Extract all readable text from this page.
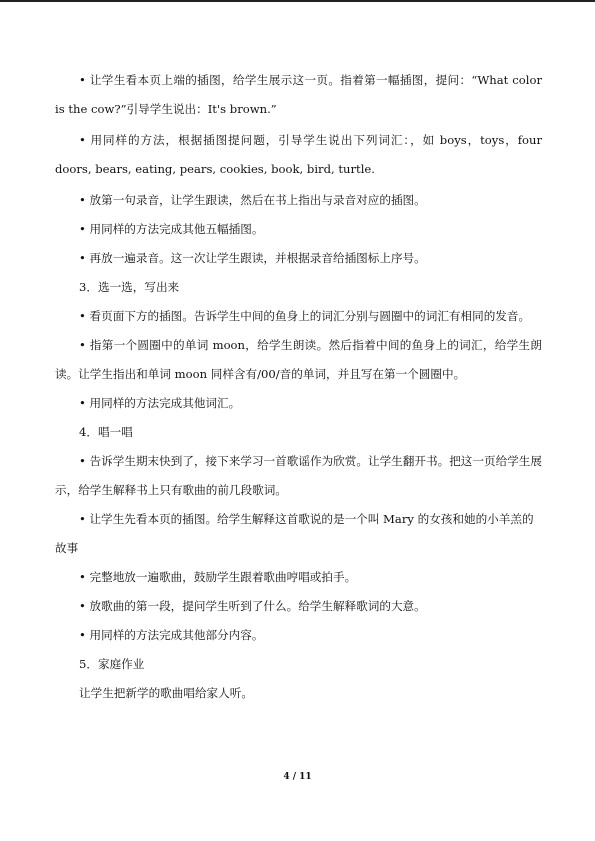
• 让学生看本页上端的插图，给学生展示这一页。指着第一幅插图，提问：“What color is the cow?”引导学生说出：It's brown.”

• 用同样的方法，根据插图提问题，引导学生说出下列词汇：，如 boys，toys，four doors, bears, eating, pears, cookies, book, bird, turtle.

• 放第一句录音，让学生跟读，然后在书上指出与录音对应的插图。

• 用同样的方法完成其他五幅插图。

• 再放一遍录音。这一次让学生跟读，并根据录音给插图标上序号。

3．选一选，写出来

• 看页面下方的插图。告诉学生中间的鱼身上的词汇分别与圆圈中的词汇有相同的发音。

• 指第一个圆圈中的单词 moon，给学生朗读。然后指着中间的鱼身上的词汇，给学生朗读。让学生指出和单词 moon 同样含有/00/音的单词，并且写在第一个圆圈中。

• 用同样的方法完成其他词汇。

4．唱一唱

• 告诉学生期末快到了，接下来学习一首歌谣作为欣赏。让学生翻开书。把这一页给学生展示，给学生解释书上只有歌曲的前几段歌词。

• 让学生先看本页的插图。给学生解释这首歌说的是一个叫 Mary 的女孩和她的小羊羔的故事

• 完整地放一遍歌曲，鼓励学生跟着歌曲哼唱或拍手。

• 放歌曲的第一段，提问学生听到了什么。给学生解释歌词的大意。

• 用同样的方法完成其他部分内容。

5．家庭作业

让学生把新学的歌曲唱给家人听。

4 / 11
